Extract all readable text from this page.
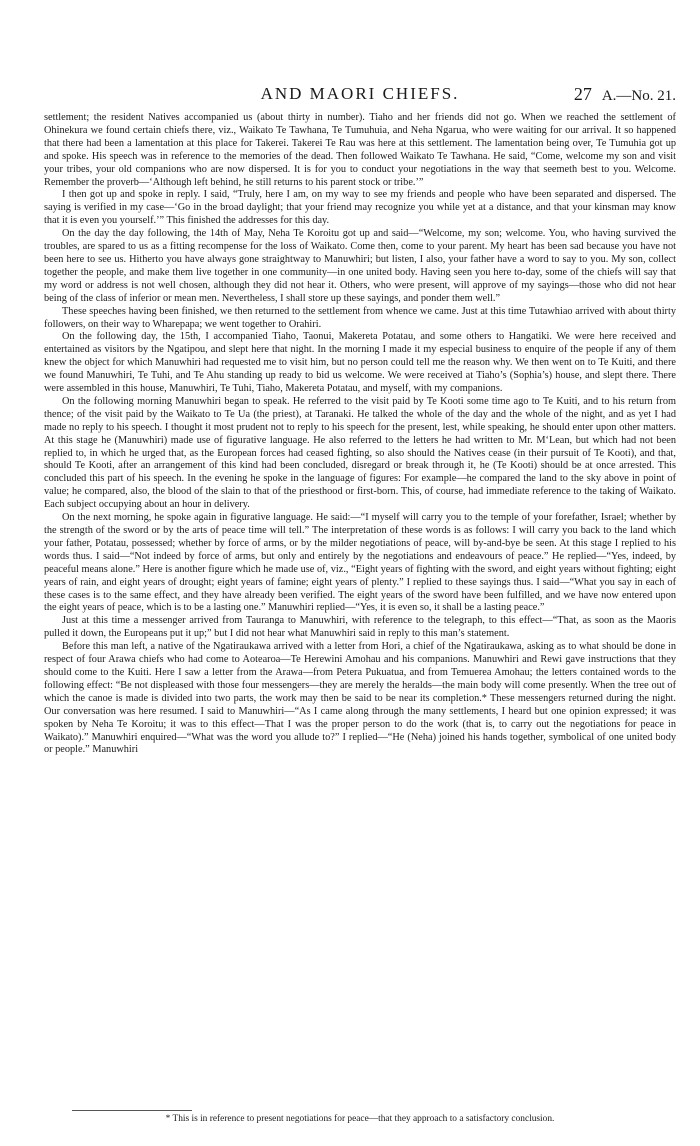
AND MAORI CHIEFS.	27 A.—No. 21.

settlement; the resident Natives accompanied us (about thirty in number). Tiaho and her friends did not go. When we reached the settlement of Ohinekura we found certain chiefs there, viz., Waikato Te Tawhana, Te Tumuhuia, and Neha Ngarua, who were waiting for our arrival. It so happened that there had been a lamentation at this place for Takerei. Takerei Te Rau was here at this settlement. The lamentation being over, Te Tumuhia got up and spoke. His speech was in reference to the memories of the dead. Then followed Waikato Te Tawhana. He said, “Come, welcome my son and visit your tribes, your old companions who are now dispersed. It is for you to conduct your negotiations in the way that seemeth best to you. Welcome. Remember the proverb—‘Although left behind, he still returns to his parent stock or tribe.’”

I then got up and spoke in reply. I said, “Truly, here I am, on my way to see my friends and people who have been separated and dispersed. The saying is verified in my case—‘Go in the broad daylight; that your friend may recognize you while yet at a distance, and that your kinsman may know that it is even you yourself.’” This finished the addresses for this day.

On the day the day following, the 14th of May, Neha Te Koroitu got up and said—“Welcome, my son; welcome. You, who having survived the troubles, are spared to us as a fitting recompense for the loss of Waikato. Come then, come to your parent. My heart has been sad because you have not been here to see us. Hitherto you have always gone straightway to Manuwhiri; but listen, I also, your father have a word to say to you. My son, collect together the people, and make them live together in one community—in one united body. Having seen you here to-day, some of the chiefs will say that my word or address is not well chosen, although they did not hear it. Others, who were present, will approve of my sayings—those who did not hear being of the class of inferior or mean men. Nevertheless, I shall store up these sayings, and ponder them well.”

These speeches having been finished, we then returned to the settlement from whence we came. Just at this time Tutawhiao arrived with about thirty followers, on their way to Wharepapa; we went together to Orahiri.

On the following day, the 15th, I accompanied Tiaho, Taonui, Makereta Potatau, and some others to Hangatiki. We were here received and entertained as visitors by the Ngatipou, and slept here that night. In the morning I made it my especial business to enquire of the people if any of them knew the object for which Manuwhiri had requested me to visit him, but no person could tell me the reason why. We then went on to Te Kuiti, and there we found Manuwhiri, Te Tuhi, and Te Ahu standing up ready to bid us welcome. We were received at Tiaho’s (Sophia’s) house, and slept there. There were assembled in this house, Manuwhiri, Te Tuhi, Tiaho, Makereta Potatau, and myself, with my companions.

On the following morning Manuwhiri began to speak. He referred to the visit paid by Te Kooti some time ago to Te Kuiti, and to his return from thence; of the visit paid by the Waikato to Te Ua (the priest), at Taranaki. He talked the whole of the day and the whole of the night, and as yet I had made no reply to his speech. I thought it most prudent not to reply to his speech for the present, lest, while speaking, he should enter upon other matters. At this stage he (Manuwhiri) made use of figurative language. He also referred to the letters he had written to Mr. M‘Lean, but which had not been replied to, in which he urged that, as the European forces had ceased fighting, so also should the Natives cease (in their pursuit of Te Kooti), and that, should Te Kooti, after an arrangement of this kind had been concluded, disregard or break through it, he (Te Kooti) should be at once arrested. This concluded this part of his speech. In the evening he spoke in the language of figures: For example—he compared the land to the sky above in point of value; he compared, also, the blood of the slain to that of the priesthood or first-born. This, of course, had immediate reference to the taking of Waikato. Each subject occupying about an hour in delivery.

On the next morning, he spoke again in figurative language. He said:—“I myself will carry you to the temple of your forefather, Israel; whether by the strength of the sword or by the arts of peace time will tell.” The interpretation of these words is as follows: I will carry you back to the land which your father, Potatau, possessed; whether by force of arms, or by the milder negotiations of peace, will by-and-bye be seen. At this stage I replied to his words thus. I said—“Not indeed by force of arms, but only and entirely by the negotiations and endeavours of peace.” He replied—“Yes, indeed, by peaceful means alone.” Here is another figure which he made use of, viz., “Eight years of fighting with the sword, and eight years without fighting; eight years of rain, and eight years of drought; eight years of famine; eight years of plenty.” I replied to these sayings thus. I said—“What you say in each of these cases is to the same effect, and they have already been verified. The eight years of the sword have been fulfilled, and we have now entered upon the eight years of peace, which is to be a lasting one.” Manuwhiri replied—“Yes, it is even so, it shall be a lasting peace.”

Just at this time a messenger arrived from Tauranga to Manuwhiri, with reference to the telegraph, to this effect—“That, as soon as the Maoris pulled it down, the Europeans put it up;” but I did not hear what Manuwhiri said in reply to this man’s statement.

Before this man left, a native of the Ngatiraukawa arrived with a letter from Hori, a chief of the Ngatiraukawa, asking as to what should be done in respect of four Arawa chiefs who had come to Aotearoa—Te Herewini Amohau and his companions. Manuwhiri and Rewi gave instructions that they should come to the Kuiti. Here I saw a letter from the Arawa—from Petera Pukuatua, and from Temuerea Amohau; the letters contained words to the following effect: “Be not displeased with those four messengers—they are merely the heralds—the main body will come presently. When the tree out of which the canoe is made is divided into two parts, the work may then be said to be near its completion.* These messengers returned during the night. Our conversation was here resumed. I said to Manuwhiri—“As I came along through the many settlements, I heard but one opinion expressed; it was spoken by Neha Te Koroitu; it was to this effect—That I was the proper person to do the work (that is, to carry out the negotiations for peace in Waikato).” Manuwhiri enquired—“What was the word you allude to?” I replied—“He (Neha) joined his hands together, symbolical of one united body or people.” Manuwhiri

* This is in reference to present negotiations for peace—that they approach to a satisfactory conclusion.
